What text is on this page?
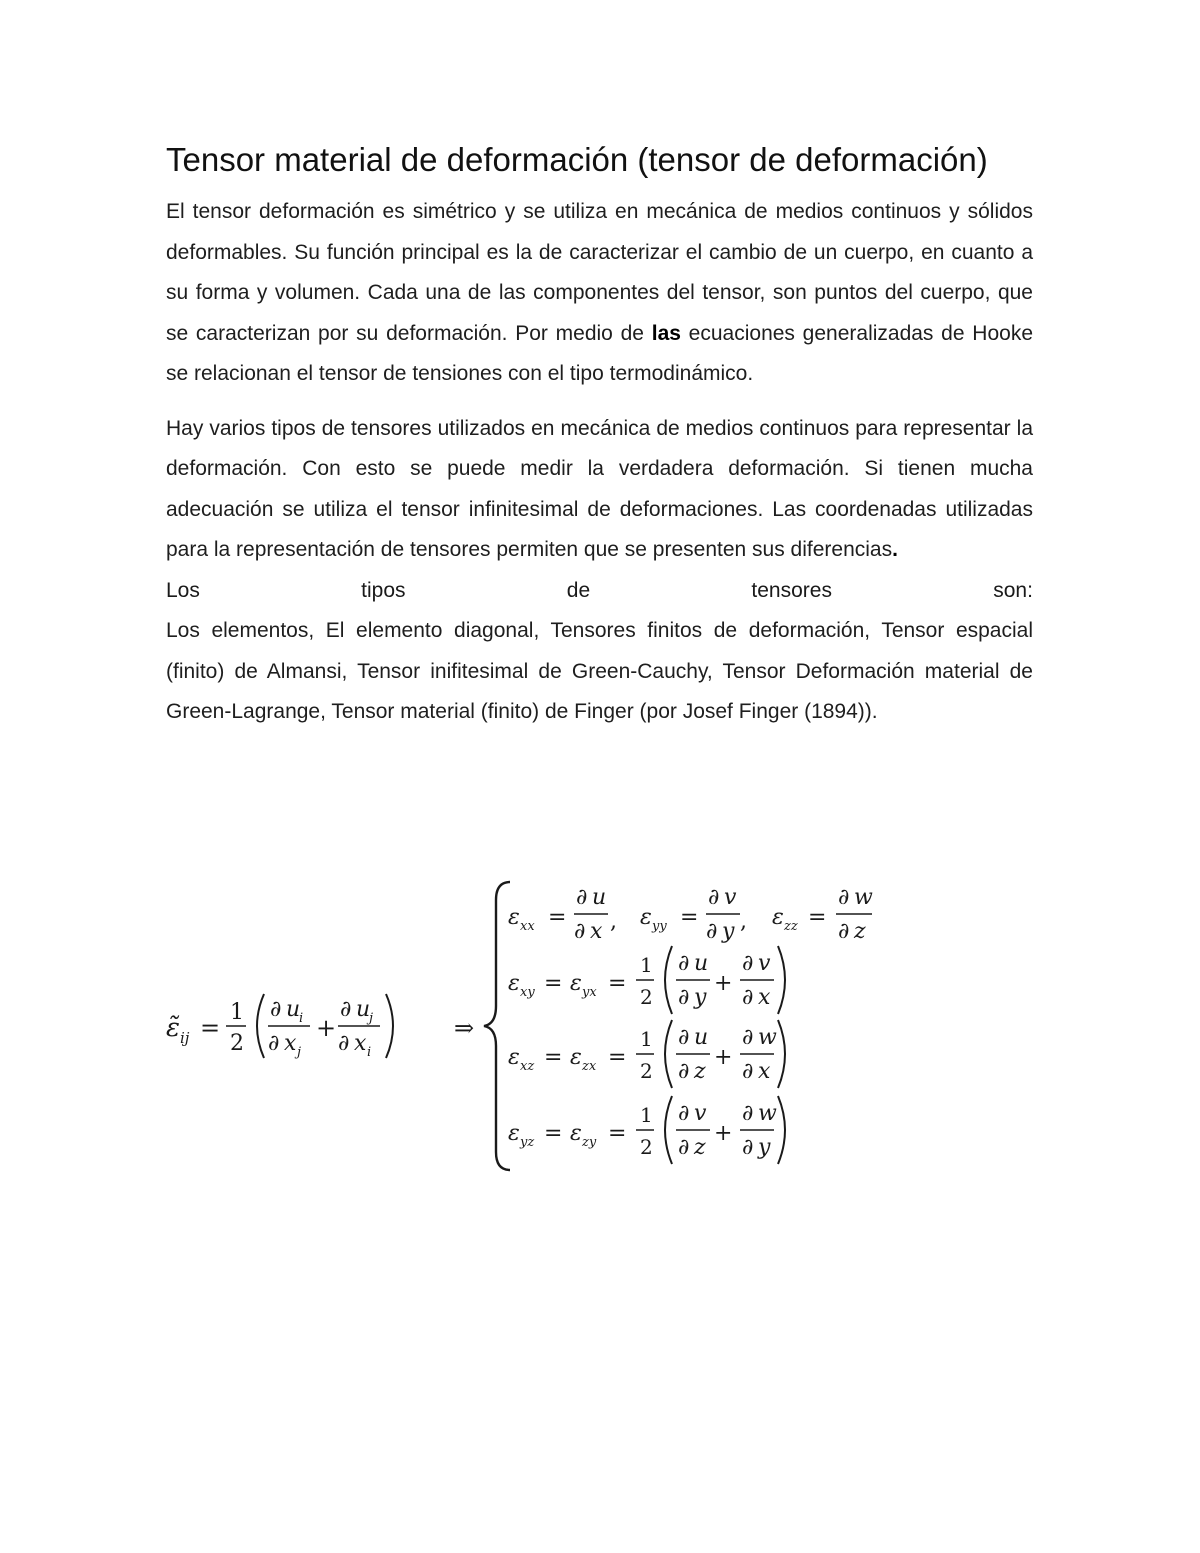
Tensor material de deformación (tensor de deformación)

El tensor deformación es simétrico y se utiliza en mecánica de medios continuos y sólidos deformables. Su función principal es la de caracterizar el cambio de un cuerpo, en cuanto a su forma y volumen. Cada una de las componentes del tensor, son puntos del cuerpo, que se caracterizan por su deformación. Por medio de las ecuaciones generalizadas de Hooke se relacionan el tensor de tensiones con el tipo termodinámico.

Hay varios tipos de tensores utilizados en mecánica de medios continuos para representar la deformación. Con esto se puede medir la verdadera deformación. Si tienen mucha adecuación se utiliza el tensor infinitesimal de deformaciones. Las coordenadas utilizadas para la representación de tensores permiten que se presenten sus diferencias.

Los	tipos	de	tensores	son:

Los elementos, El elemento diagonal, Tensores finitos de deformación, Tensor espacial (finito) de Almansi, Tensor inifitesimal de Green-Cauchy, Tensor Deformación material de Green-Lagrange, Tensor material (finito) de Finger (por Josef Finger (1894)).

ε̃ ij =
1
2
∂ u
i
∂ x j
+
∂ u
j
∂ x i
⇒
ε xx =
∂ u
∂ x , ε yy =
∂ v
∂ y , ε zz =
∂ w
∂ z
ε xy = ε yx =
1
2
∂ u
∂ y
+
∂ v
∂ x
ε xz = ε zx =
1
2
∂ u
∂ z
+
∂ w
∂ x
ε yz = ε zy =
1
2
∂ v
∂ z
+
∂ w
∂ y
